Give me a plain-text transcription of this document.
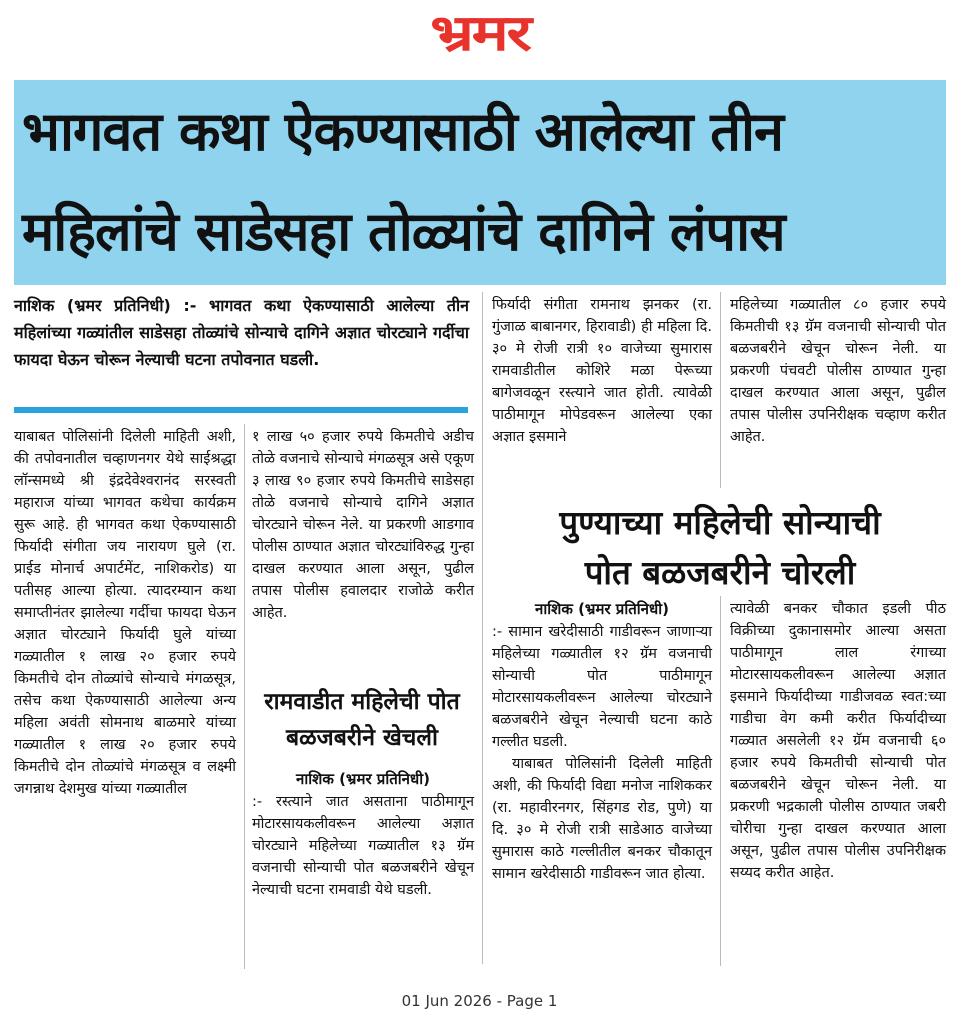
भ्रमर
भागवत कथा ऐकण्यासाठी आलेल्या तीन
महिलांचे साडेसहा तोळ्यांचे दागिने लंपास
नाशिक (भ्रमर प्रतिनिधी) :- भागवत कथा ऐकण्यासाठी आलेल्या तीन महिलांच्या गळ्यांतील साडेसहा तोळ्यांचे सोन्याचे दागिने अज्ञात चोरट्याने गर्दीचा फायदा घेऊन चोरून नेल्याची घटना तपोवनात घडली.

याबाबत पोलिसांनी दिलेली माहिती अशी, की तपोवनातील चव्हाणनगर येथे साईश्रद्धा लॉन्समध्ये श्री इंद्रदेवेश्वरानंद सरस्वती महाराज यांच्या भागवत कथेचा कार्यक्रम सुरू आहे. ही भागवत कथा ऐकण्यासाठी फिर्यादी संगीता जय नारायण घुले (रा. प्राईड मोनार्च अपार्टमेंट, नाशिकरोड) या पतीसह आल्या होत्या. त्यादरम्यान कथा समाप्तीनंतर झालेल्या गर्दीचा फायदा घेऊन अज्ञात चोरट्याने फिर्यादी घुले यांच्या गळ्यातील १ लाख २० हजार रुपये किमतीचे दोन तोळ्यांचे सोन्याचे मंगळसूत्र, तसेच कथा ऐकण्यासाठी आलेल्या अन्य महिला अवंती सोमनाथ बाळमारे यांच्या गळ्यातील १ लाख २० हजार रुपये किमतीचे दोन तोळ्यांचे मंगळसूत्र व लक्ष्मी जगन्नाथ देशमुख यांच्या गळ्यातील

१ लाख ५० हजार रुपये किमतीचे अडीच तोळे वजनाचे सोन्याचे मंगळसूत्र असे एकूण ३ लाख ९० हजार रुपये किमतीचे साडेसहा तोळे वजनाचे सोन्याचे दागिने अज्ञात चोरट्याने चोरून नेले. या प्रकरणी आडगाव पोलीस ठाण्यात अज्ञात चोरट्यांविरुद्ध गुन्हा दाखल करण्यात आला असून, पुढील तपास पोलीस हवालदार राजोळे करीत आहेत.

रामवाडीत महिलेची पोत बळजबरीने खेचली

नाशिक (भ्रमर प्रतिनिधी)

:- रस्त्याने जात असताना पाठीमागून मोटारसायकलीवरून आलेल्या अज्ञात चोरट्याने महिलेच्या गळ्यातील १३ ग्रॅम वजनाची सोन्याची पोत बळजबरीने खेचून नेल्याची घटना रामवाडी येथे घडली.

फिर्यादी संगीता रामनाथ झनकर (रा. गुंजाळ बाबानगर, हिरावाडी) ही महिला दि. ३० मे रोजी रात्री १० वाजेच्या सुमारास रामवाडीतील कोशिरे मळा पेरूच्या बागेजवळून रस्त्याने जात होती. त्यावेळी पाठीमागून मोपेडवरून आलेल्या एका अज्ञात इसमाने

महिलेच्या गळ्यातील ८० हजार रुपये किमतीची १३ ग्रॅम वजनाची सोन्याची पोत बळजबरीने खेचून चोरून नेली. या प्रकरणी पंचवटी पोलीस ठाण्यात गुन्हा दाखल करण्यात आला असून, पुढील तपास पोलीस उपनिरीक्षक चव्हाण करीत आहेत.

पुण्याच्या महिलेची सोन्याची
पोत बळजबरीने चोरली

नाशिक (भ्रमर प्रतिनिधी)

:- सामान खरेदीसाठी गाडीवरून जाणाऱ्या महिलेच्या गळ्यातील १२ ग्रॅम वजनाची सोन्याची पोत पाठीमागून मोटारसायकलीवरून आलेल्या चोरट्याने बळजबरीने खेचून नेल्याची घटना काठे गल्लीत घडली.

याबाबत पोलिसांनी दिलेली माहिती अशी, की फिर्यादी विद्या मनोज नाशिककर (रा. महावीरनगर, सिंहगड रोड, पुणे) या दि. ३० मे रोजी रात्री साडेआठ वाजेच्या सुमारास काठे गल्लीतील बनकर चौकातून सामान खरेदीसाठी गाडीवरून जात होत्या.

त्यावेळी बनकर चौकात इडली पीठ विक्रीच्या दुकानासमोर आल्या असता पाठीमागून लाल रंगाच्या मोटारसायकलीवरून आलेल्या अज्ञात इसमाने फिर्यादीच्या गाडीजवळ स्वत:च्या गाडीचा वेग कमी करीत फिर्यादीच्या गळ्यात असलेली १२ ग्रॅम वजनाची ६० हजार रुपये किमतीची सोन्याची पोत बळजबरीने खेचून चोरून नेली. या प्रकरणी भद्रकाली पोलीस ठाण्यात जबरी चोरीचा गुन्हा दाखल करण्यात आला असून, पुढील तपास पोलीस उपनिरीक्षक सय्यद करीत आहेत.

01 Jun 2026 - Page 1
